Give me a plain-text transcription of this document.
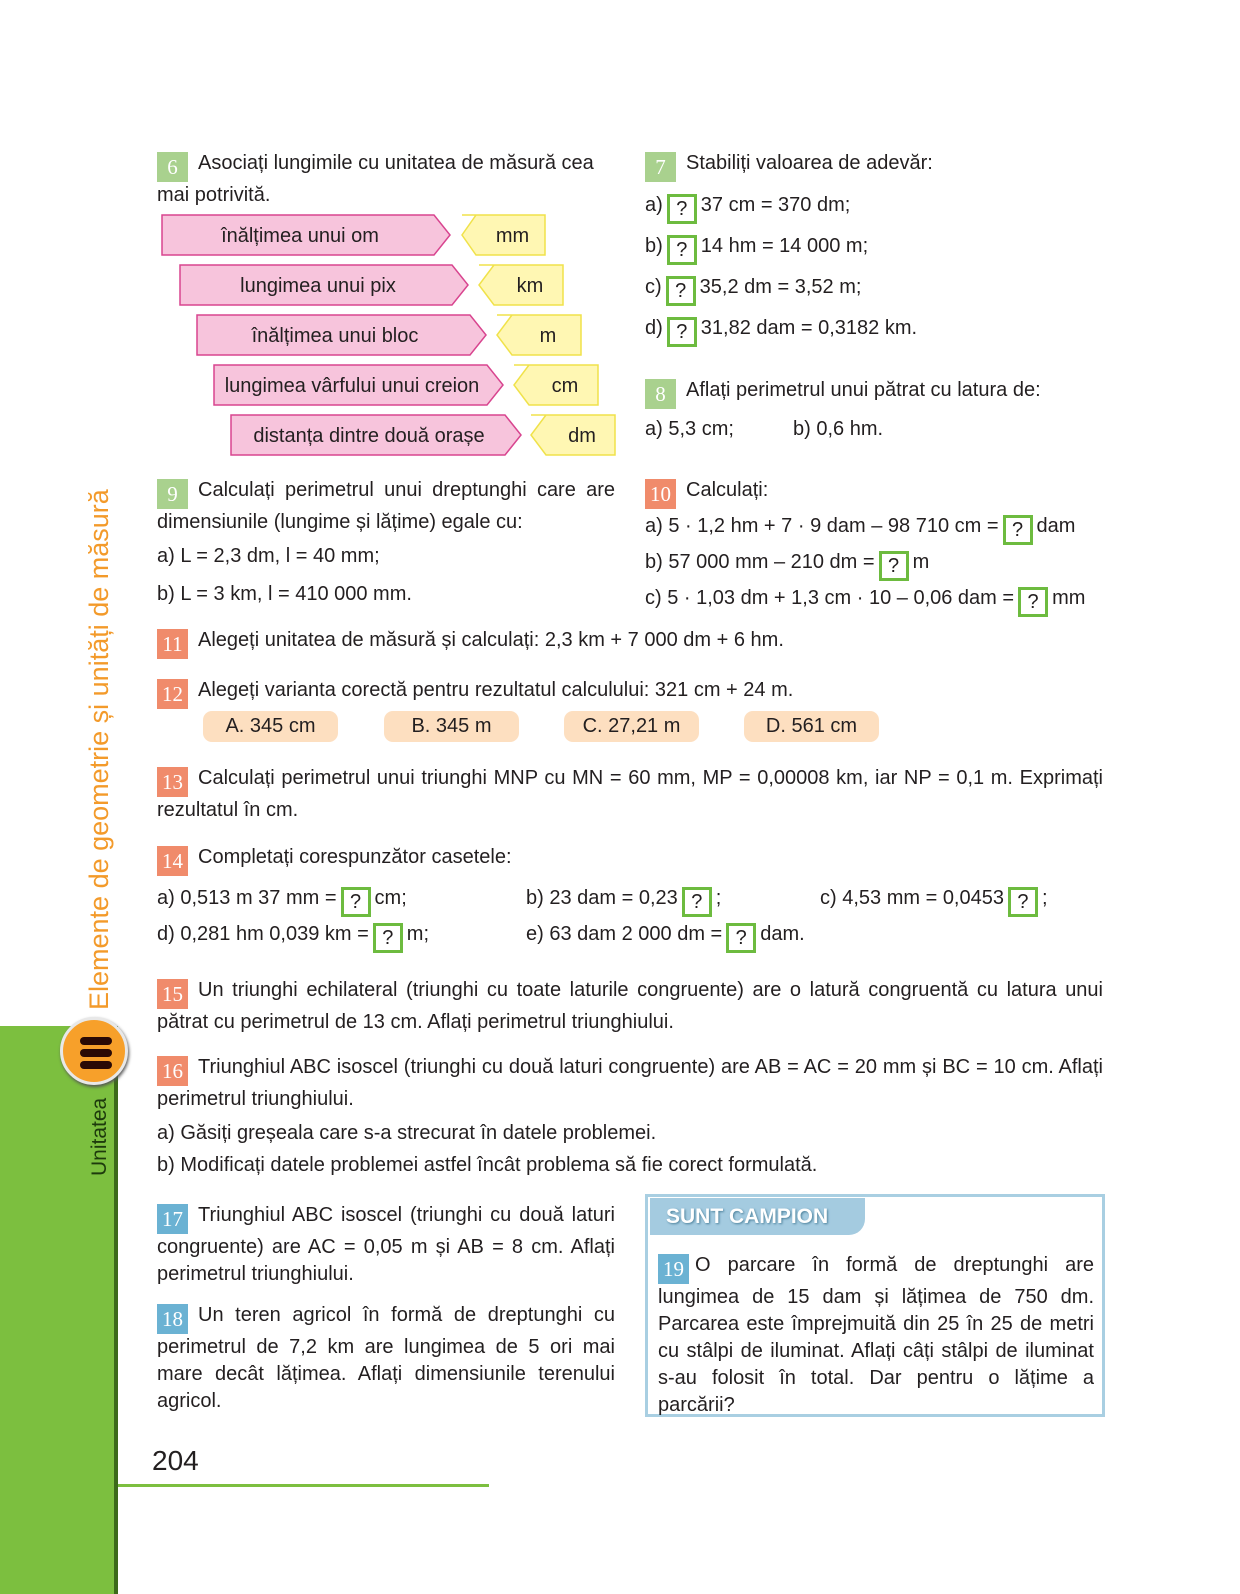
Elemente de geometrie și unități de măsură
Unitatea
6 Asociați lungimile cu unitatea de măsură cea mai potrivită.
înălțimea unui om
lungimea unui pix
înălțimea unui bloc
lungimea vârfului unui creion
distanța dintre două orașe
mm
km
m
cm
dm
7 Stabiliți valoarea de adevăr:
a) ? 37 cm = 370 dm;
b) ? 14 hm = 14 000 m;
c) ? 35,2 dm = 3,52 m;
d) ? 31,82 dam = 0,3182 km.
8 Aflați perimetrul unui pătrat cu latura de:
a) 5,3 cm;	b) 0,6 hm.
9 Calculați perimetrul unui dreptunghi care are dimensiunile (lungime și lățime) egale cu:
a) L = 2,3 dm, l = 40 mm;
b) L = 3 km, l = 410 000 mm.
10 Calculați:
a) 5 · 1,2 hm + 7 · 9 dam – 98 710 cm = ? dam
b) 57 000 mm – 210 dm = ? m
c) 5 · 1,03 dm + 1,3 cm · 10 – 0,06 dam = ? mm
11 Alegeți unitatea de măsură și calculați: 2,3 km + 7 000 dm + 6 hm.
12 Alegeți varianta corectă pentru rezultatul calculului: 321 cm + 24 m.
A. 345 cm	B. 345 m	C. 27,21 m	D. 561 cm
13 Calculați perimetrul unui triunghi MNP cu MN = 60 mm, MP = 0,00008 km, iar NP = 0,1 m. Exprimați rezultatul în cm.
14 Completați corespunzător casetele:
a) 0,513 m 37 mm = ? cm;	b) 23 dam = 0,23 ? ;	c) 4,53 mm = 0,0453 ? ;
d) 0,281 hm 0,039 km = ? m;	e) 63 dam 2 000 dm = ? dam.
15 Un triunghi echilateral (triunghi cu toate laturile congruente) are o latură congruentă cu latura unui pătrat cu perimetrul de 13 cm. Aflați perimetrul triunghiului.
16 Triunghiul ABC isoscel (triunghi cu două laturi congruente) are AB = AC = 20 mm și BC = 10 cm. Aflați perimetrul triunghiului.
a) Găsiți greșeala care s-a strecurat în datele problemei.
b) Modificați datele problemei astfel încât problema să fie corect formulată.
17 Triunghiul ABC isoscel (triunghi cu două laturi congruente) are AC = 0,05 m și AB = 8 cm. Aflați perimetrul triunghiului.
18 Un teren agricol în formă de dreptunghi cu perimetrul de 7,2 km are lungimea de 5 ori mai mare decât lățimea. Aflați dimensiunile terenului agricol.
SUNT CAMPION
19 O parcare în formă de dreptunghi are lungimea de 15 dam și lățimea de 750 dm. Parcarea este împrejmuită din 25 în 25 de metri cu stâlpi de iluminat. Aflați câți stâlpi de iluminat s-au folosit în total. Dar pentru o lățime a parcării?
204
